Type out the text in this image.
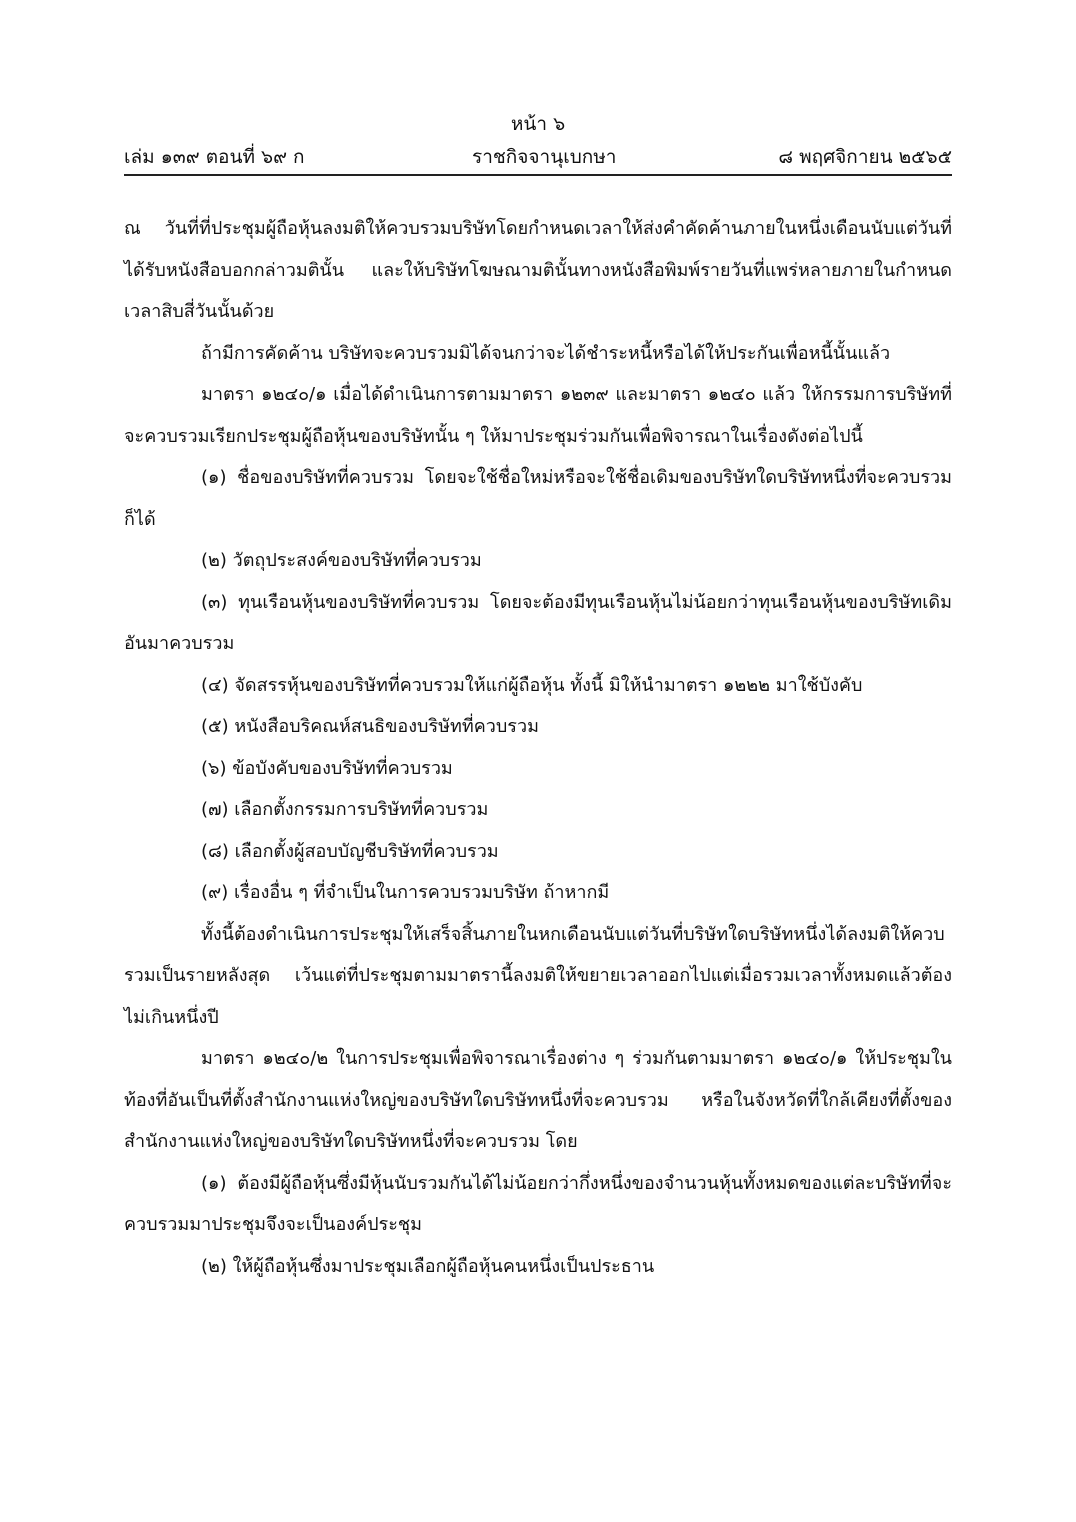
หน้า ๖
เล่ม ๑๓๙ ตอนที่ ๖๙ ก	ราชกิจจานุเบกษา	๘ พฤศจิกายน ๒๕๖๕

ณ วันที่ที่ประชุมผู้ถือหุ้นลงมติให้ควบรวมบริษัทโดยกำหนดเวลาให้ส่งคำคัดค้านภายในหนึ่งเดือนนับแต่วันที่ได้รับหนังสือบอกกล่าวมตินั้น และให้บริษัทโฆษณามตินั้นทางหนังสือพิมพ์รายวันที่แพร่หลายภายในกำหนดเวลาสิบสี่วันนั้นด้วย

ถ้ามีการคัดค้าน บริษัทจะควบรวมมิได้จนกว่าจะได้ชำระหนี้หรือได้ให้ประกันเพื่อหนี้นั้นแล้ว

มาตรา ๑๒๔๐/๑ เมื่อได้ดำเนินการตามมาตรา ๑๒๓๙ และมาตรา ๑๒๔๐ แล้ว ให้กรรมการบริษัทที่จะควบรวมเรียกประชุมผู้ถือหุ้นของบริษัทนั้น ๆ ให้มาประชุมร่วมกันเพื่อพิจารณาในเรื่องดังต่อไปนี้

(๑) ชื่อของบริษัทที่ควบรวม โดยจะใช้ชื่อใหม่หรือจะใช้ชื่อเดิมของบริษัทใดบริษัทหนึ่งที่จะควบรวมก็ได้

(๒) วัตถุประสงค์ของบริษัทที่ควบรวม

(๓) ทุนเรือนหุ้นของบริษัทที่ควบรวม โดยจะต้องมีทุนเรือนหุ้นไม่น้อยกว่าทุนเรือนหุ้นของบริษัทเดิมอันมาควบรวม

(๔) จัดสรรหุ้นของบริษัทที่ควบรวมให้แก่ผู้ถือหุ้น ทั้งนี้ มิให้นำมาตรา ๑๒๒๒ มาใช้บังคับ

(๕) หนังสือบริคณห์สนธิของบริษัทที่ควบรวม

(๖) ข้อบังคับของบริษัทที่ควบรวม

(๗) เลือกตั้งกรรมการบริษัทที่ควบรวม

(๘) เลือกตั้งผู้สอบบัญชีบริษัทที่ควบรวม

(๙) เรื่องอื่น ๆ ที่จำเป็นในการควบรวมบริษัท ถ้าหากมี

ทั้งนี้ต้องดำเนินการประชุมให้เสร็จสิ้นภายในหกเดือนนับแต่วันที่บริษัทใดบริษัทหนึ่งได้ลงมติให้ควบรวมเป็นรายหลังสุด เว้นแต่ที่ประชุมตามมาตรานี้ลงมติให้ขยายเวลาออกไปแต่เมื่อรวมเวลาทั้งหมดแล้วต้องไม่เกินหนึ่งปี

มาตรา ๑๒๔๐/๒ ในการประชุมเพื่อพิจารณาเรื่องต่าง ๆ ร่วมกันตามมาตรา ๑๒๔๐/๑ ให้ประชุมในท้องที่อันเป็นที่ตั้งสำนักงานแห่งใหญ่ของบริษัทใดบริษัทหนึ่งที่จะควบรวม หรือในจังหวัดที่ใกล้เคียงที่ตั้งของสำนักงานแห่งใหญ่ของบริษัทใดบริษัทหนึ่งที่จะควบรวม โดย

(๑) ต้องมีผู้ถือหุ้นซึ่งมีหุ้นนับรวมกันได้ไม่น้อยกว่ากึ่งหนึ่งของจำนวนหุ้นทั้งหมดของแต่ละบริษัทที่จะควบรวมมาประชุมจึงจะเป็นองค์ประชุม

(๒) ให้ผู้ถือหุ้นซึ่งมาประชุมเลือกผู้ถือหุ้นคนหนึ่งเป็นประธาน
